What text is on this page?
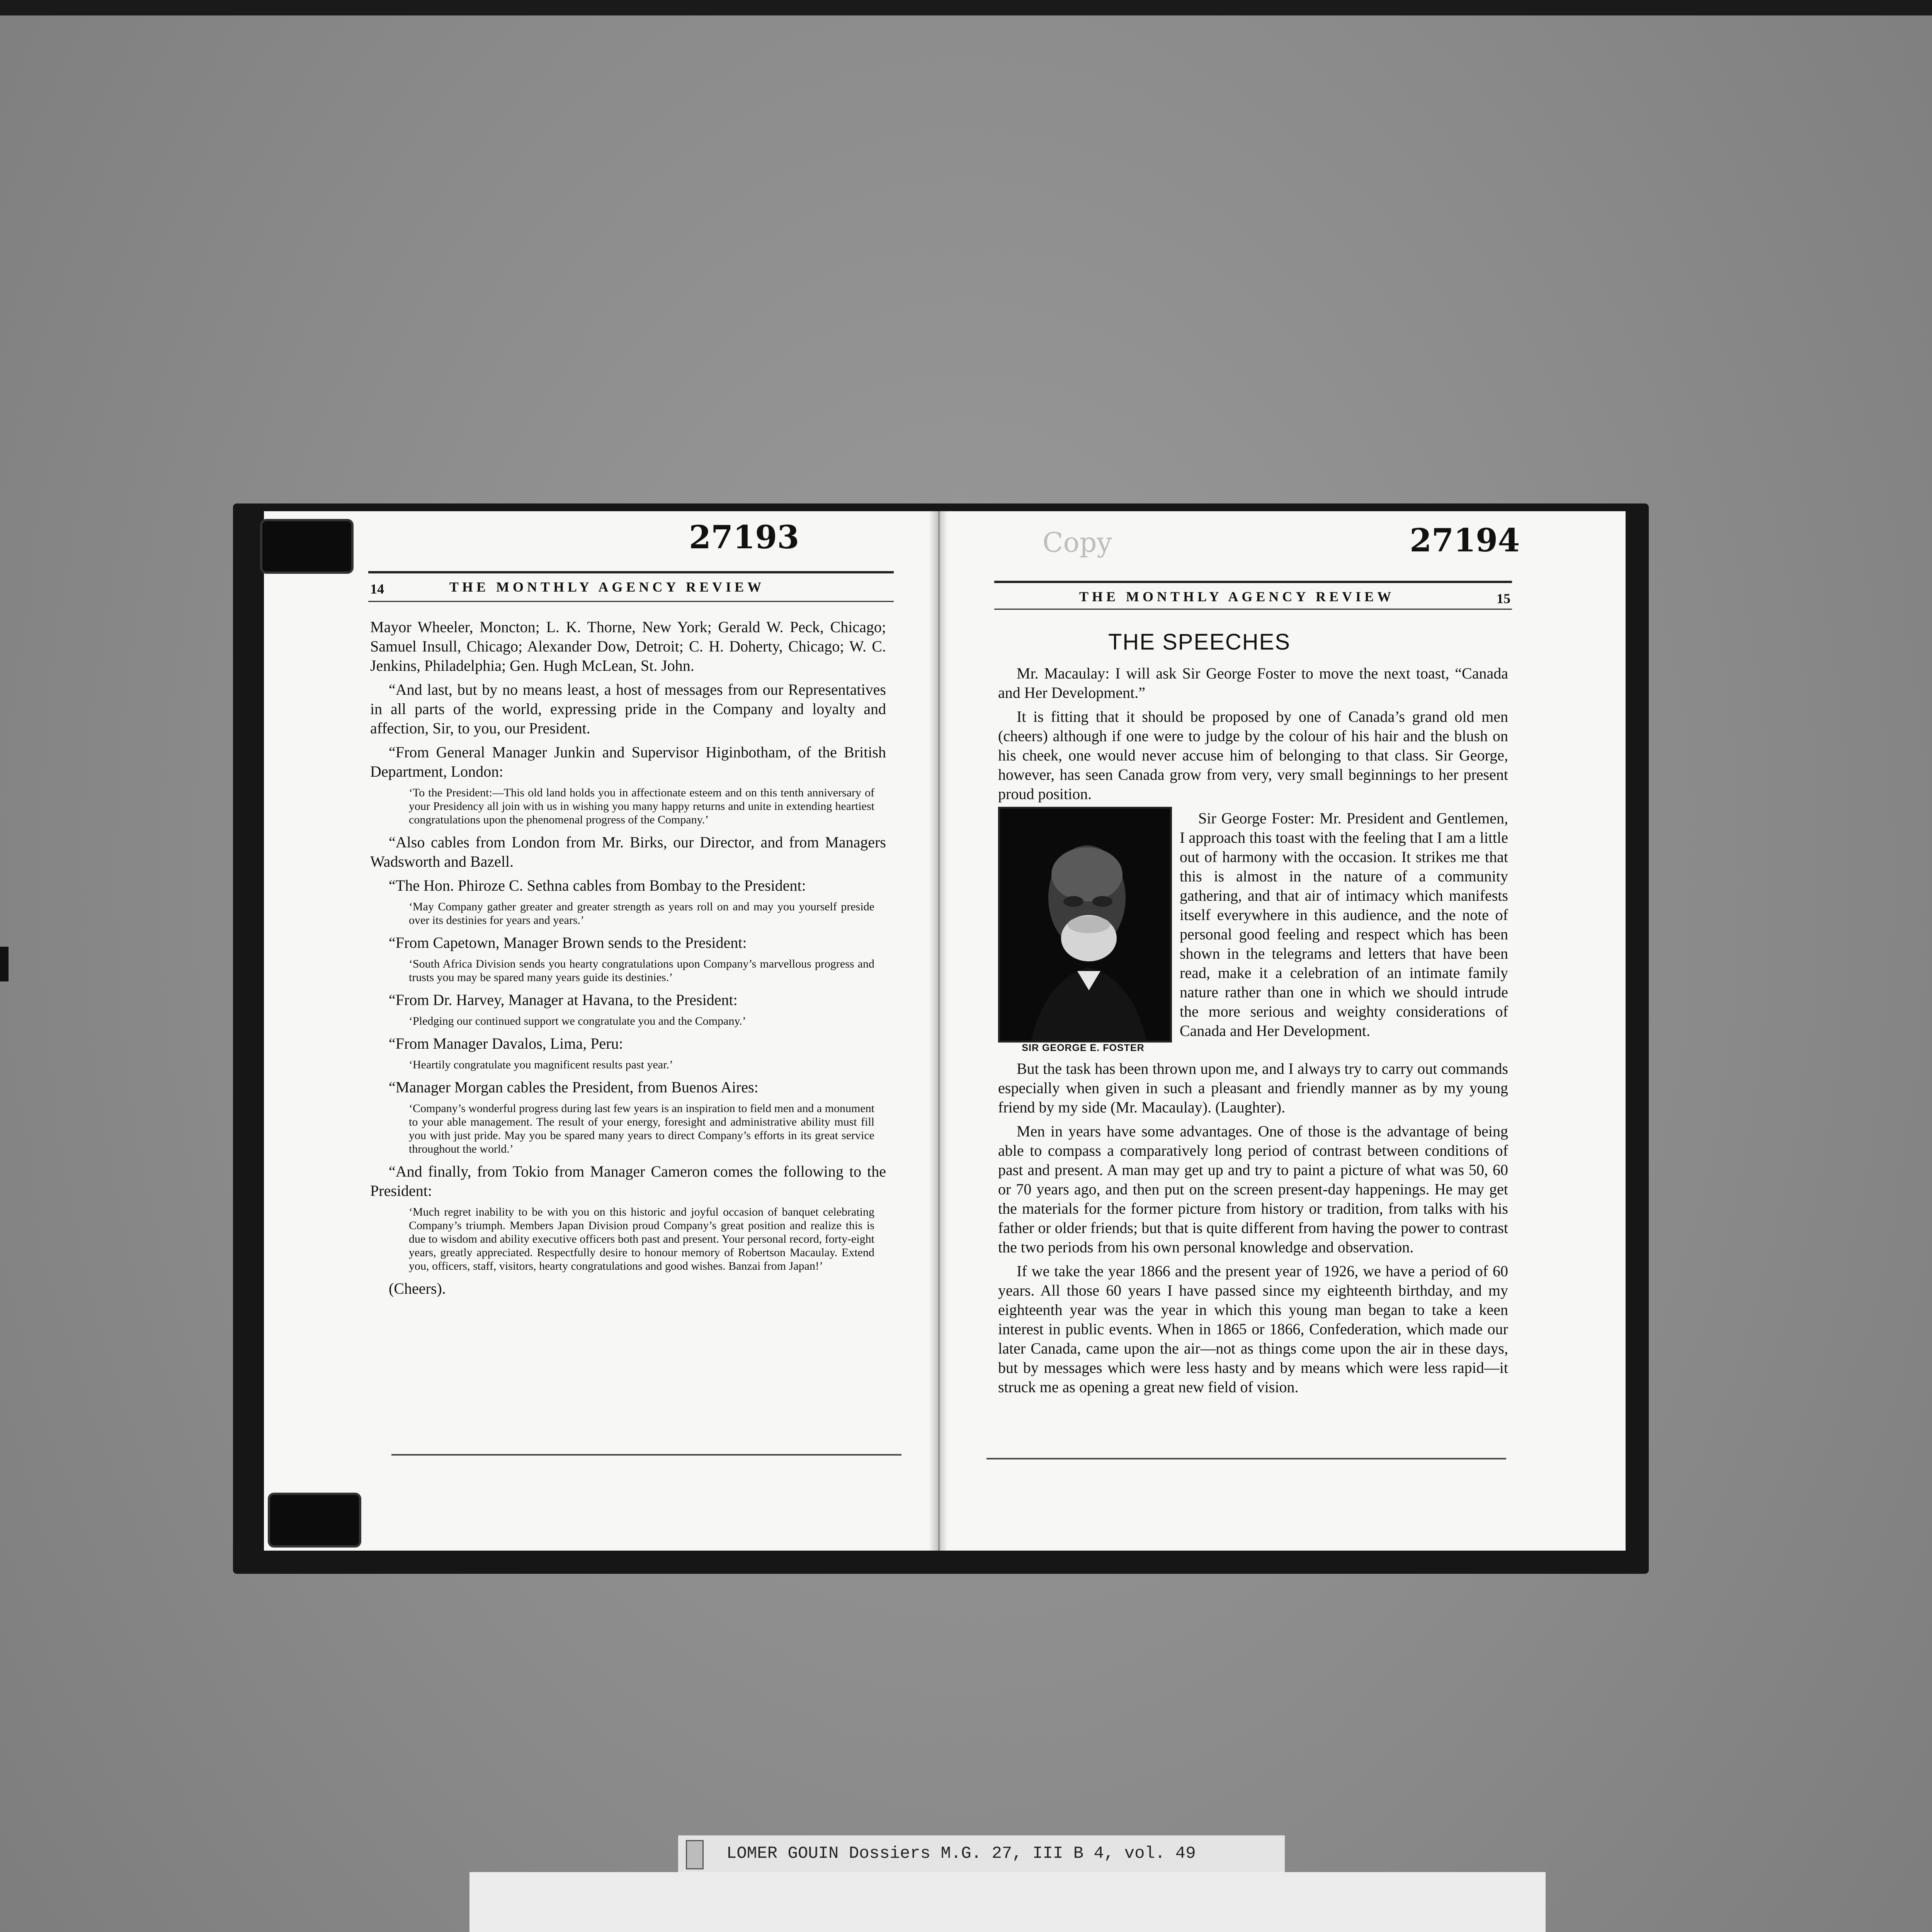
27193
14	THE MONTHLY AGENCY REVIEW

Mayor Wheeler, Moncton; L. K. Thorne, New York; Gerald W. Peck, Chicago; Samuel Insull, Chicago; Alexander Dow, Detroit; C. H. Doherty, Chicago; W. C. Jenkins, Philadelphia; Gen. Hugh McLean, St. John.

“And last, but by no means least, a host of messages from our Representatives in all parts of the world, expressing pride in the Company and loyalty and affection, Sir, to you, our President.

“From General Manager Junkin and Supervisor Higinbotham, of the British Department, London:

‘To the President:—This old land holds you in affectionate esteem and on this tenth anniversary of your Presidency all join with us in wishing you many happy returns and unite in extending heartiest congratulations upon the phenomenal progress of the Company.’

“Also cables from London from Mr. Birks, our Director, and from Managers Wadsworth and Bazell.

“The Hon. Phiroze C. Sethna cables from Bombay to the President:

‘May Company gather greater and greater strength as years roll on and may you yourself preside over its destinies for years and years.’

“From Capetown, Manager Brown sends to the President:

‘South Africa Division sends you hearty congratulations upon Company’s marvellous progress and trusts you may be spared many years guide its destinies.’

“From Dr. Harvey, Manager at Havana, to the President:

‘Pledging our continued support we congratulate you and the Company.’

“From Manager Davalos, Lima, Peru:

‘Heartily congratulate you magnificent results past year.’

“Manager Morgan cables the President, from Buenos Aires:

‘Company’s wonderful progress during last few years is an inspiration to field men and a monument to your able management. The result of your energy, foresight and administrative ability must fill you with just pride. May you be spared many years to direct Company’s efforts in its great service throughout the world.’

“And finally, from Tokio from Manager Cameron comes the following to the President:

‘Much regret inability to be with you on this historic and joyful occasion of banquet celebrating Company’s triumph. Members Japan Division proud Company’s great position and realize this is due to wisdom and ability executive officers both past and present. Your personal record, forty-eight years, greatly appreciated. Respectfully desire to honour memory of Robertson Macaulay. Extend you, officers, staff, visitors, hearty congratulations and good wishes. Banzai from Japan!’

(Cheers).

Copy	27194
THE MONTHLY AGENCY REVIEW	15
THE SPEECHES

Mr. Macaulay: I will ask Sir George Foster to move the next toast, “Canada and Her Development.”

It is fitting that it should be proposed by one of Canada’s grand old men (cheers) although if one were to judge by the colour of his hair and the blush on his cheek, one would never accuse him of belonging to that class. Sir George, however, has seen Canada grow from very, very small beginnings to her present proud position.

SIR GEORGE E. FOSTER

Sir George Foster: Mr. President and Gentlemen, I approach this toast with the feeling that I am a little out of harmony with the occasion. It strikes me that this is almost in the nature of a community gathering, and that air of intimacy which manifests itself everywhere in this audience, and the note of personal good feeling and respect which has been shown in the telegrams and letters that have been read, make it a celebration of an intimate family nature rather than one in which we should intrude the more serious and weighty considerations of Canada and Her Development.

But the task has been thrown upon me, and I always try to carry out commands especially when given in such a pleasant and friendly manner as by my young friend by my side (Mr. Macaulay). (Laughter).

Men in years have some advantages. One of those is the advantage of being able to compass a comparatively long period of contrast between conditions of past and present. A man may get up and try to paint a picture of what was 50, 60 or 70 years ago, and then put on the screen present-day happenings. He may get the materials for the former picture from history or tradition, from talks with his father or older friends; but that is quite different from having the power to contrast the two periods from his own personal knowledge and observation.

If we take the year 1866 and the present year of 1926, we have a period of 60 years. All those 60 years I have passed since my eighteenth birthday, and my eighteenth year was the year in which this young man began to take a keen interest in public events. When in 1865 or 1866, Confederation, which made our later Canada, came upon the air—not as things come upon the air in these days, but by messages which were less hasty and by means which were less rapid—it struck me as opening a great new field of vision.

LOMER GOUIN Dossiers M.G. 27, III B 4, vol. 49
